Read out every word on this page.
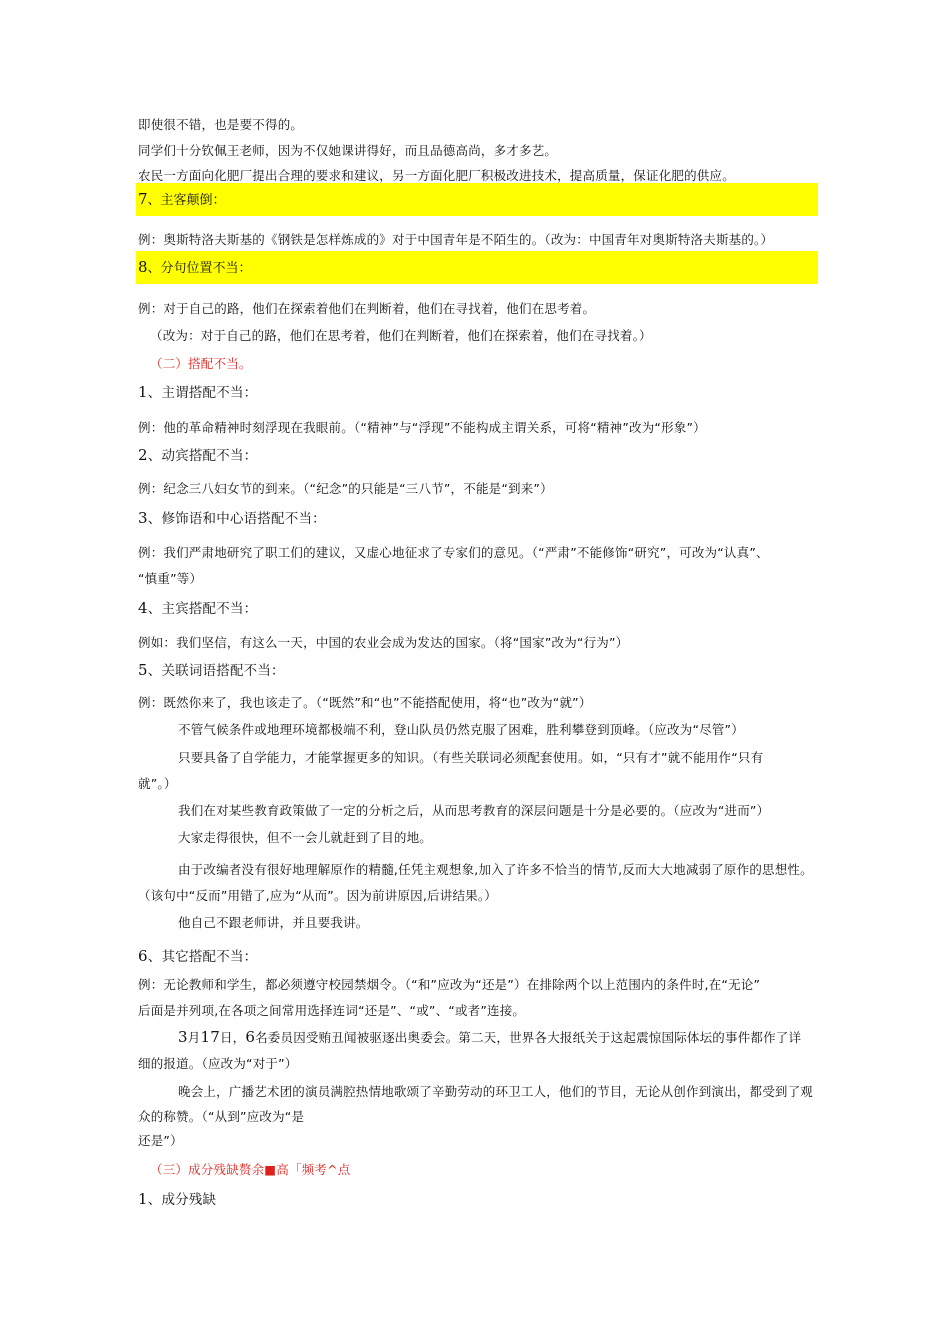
即使很不错，也是要不得的。
同学们十分钦佩王老师，因为不仅她课讲得好，而且品德高尚，多才多艺。
农民一方面向化肥厂提出合理的要求和建议，另一方面化肥厂积极改进技术，提高质量，保证化肥的供应。
7、主客颠倒：
例：奥斯特洛夫斯基的《钢铁是怎样炼成的》对于中国青年是不陌生的。（改为：中国青年对奥斯特洛夫斯基的。）
8、分句位置不当：
例：对于自己的路，他们在探索着他们在判断着，他们在寻找着，他们在思考着。
（改为：对于自己的路，他们在思考着，他们在判断着，他们在探索着，他们在寻找着。）
（二）搭配不当。
1、主谓搭配不当：
例：他的革命精神时刻浮现在我眼前。（“精神”与“浮现”不能构成主谓关系，可将“精神”改为“形象”）
2、动宾搭配不当：
例：纪念三八妇女节的到来。（“纪念”的只能是“三八节”，不能是“到来”）
3、修饰语和中心语搭配不当：
例：我们严肃地研究了职工们的建议，又虚心地征求了专家们的意见。（“严肃”不能修饰“研究”，可改为“认真”、
“慎重”等）
4、主宾搭配不当：
例如：我们坚信，有这么一天，中国的农业会成为发达的国家。（将“国家”改为“行为”）
5、关联词语搭配不当：
例：既然你来了，我也该走了。（“既然”和“也”不能搭配使用，将“也”改为“就”）
不管气候条件或地理环境都极端不利，登山队员仍然克服了困难，胜利攀登到顶峰。（应改为“尽管”）
只要具备了自学能力，才能掌握更多的知识。（有些关联词必须配套使用。如，“只有才”就不能用作“只有
就”。）
我们在对某些教育政策做了一定的分析之后，从而思考教育的深层问题是十分是必要的。（应改为“进而”）
大家走得很快，但不一会儿就赶到了目的地。
由于改编者没有很好地理解原作的精髓,任凭主观想象,加入了许多不恰当的情节,反而大大地减弱了原作的思想性。
（该句中“反而”用错了,应为“从而”。因为前讲原因,后讲结果。）
他自己不跟老师讲，并且要我讲。
6、其它搭配不当：
例：无论教师和学生，都必须遵守校园禁烟令。（“和”应改为“还是”）在排除两个以上范围内的条件时,在“无论”
后面是并列项,在各项之间常用选择连词“还是”、“或”、“或者”连接。
3月17日，6名委员因受贿丑闻被驱逐出奥委会。第二天，世界各大报纸关于这起震惊国际体坛的事件都作了详
细的报道。（应改为“对于”）
晚会上，广播艺术团的演员满腔热情地歌颂了辛勤劳动的环卫工人，他们的节目，无论从创作到演出，都受到了观
众的称赞。（“从到”应改为“是
还是”）
（三）成分残缺赘余■高「频考^点
1、成分残缺
